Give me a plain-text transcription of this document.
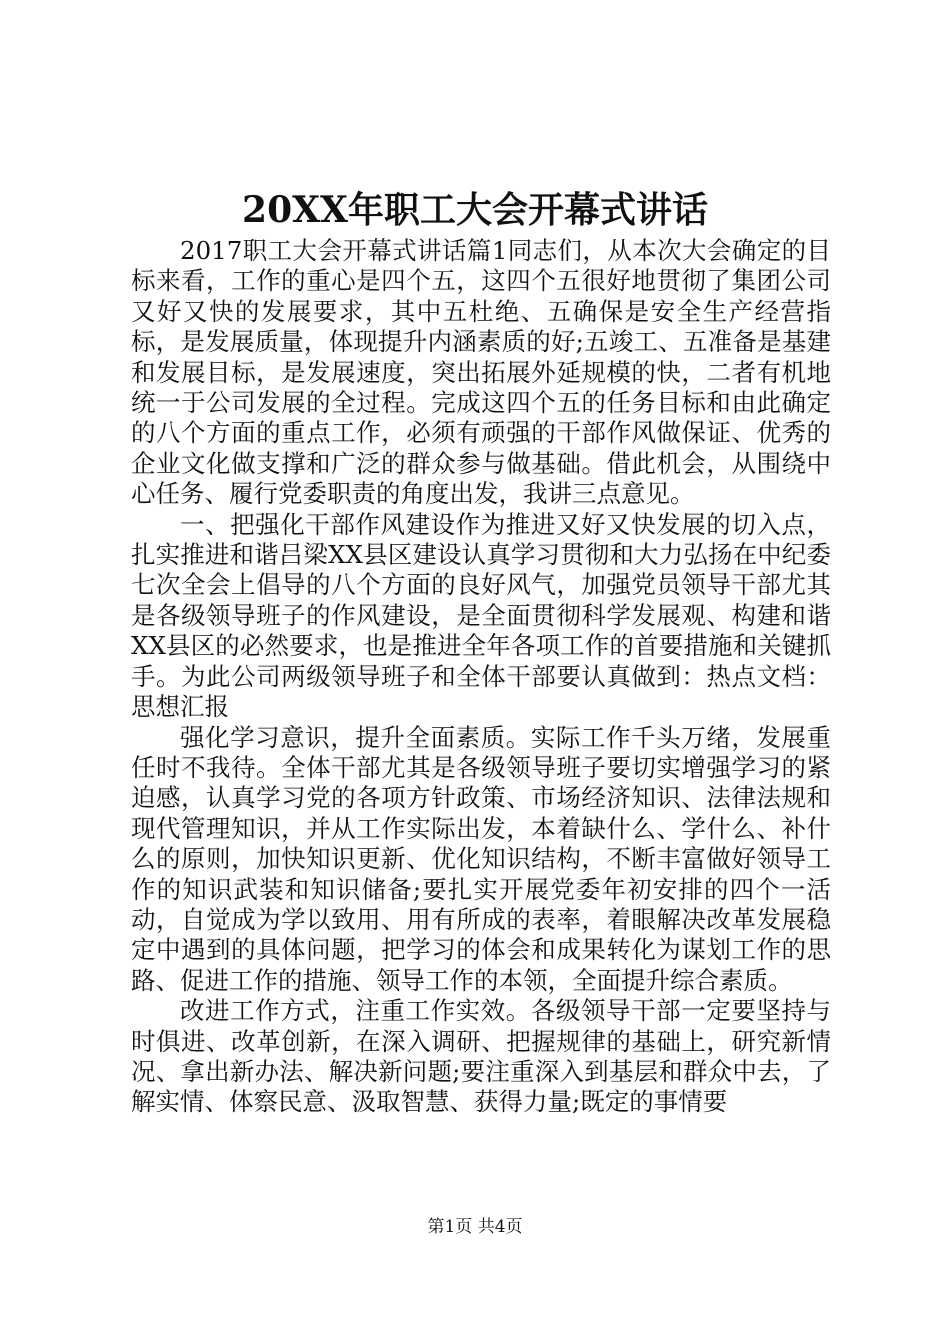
20XX年职工大会开幕式讲话

2017职工大会开幕式讲话篇1同志们，从本次大会确定的目标来看，工作的重心是四个五，这四个五很好地贯彻了集团公司又好又快的发展要求，其中五杜绝、五确保是安全生产经营指标，是发展质量，体现提升内涵素质的好;五竣工、五准备是基建和发展目标，是发展速度，突出拓展外延规模的快，二者有机地统一于公司发展的全过程。完成这四个五的任务目标和由此确定的八个方面的重点工作，必须有顽强的干部作风做保证、优秀的企业文化做支撑和广泛的群众参与做基础。借此机会，从围绕中心任务、履行党委职责的角度出发，我讲三点意见。

一、把强化干部作风建设作为推进又好又快发展的切入点，扎实推进和谐吕梁XX县区建设认真学习贯彻和大力弘扬在中纪委七次全会上倡导的八个方面的良好风气，加强党员领导干部尤其是各级领导班子的作风建设，是全面贯彻科学发展观、构建和谐XX县区的必然要求，也是推进全年各项工作的首要措施和关键抓手。为此公司两级领导班子和全体干部要认真做到：热点文档：思想汇报

强化学习意识，提升全面素质。实际工作千头万绪，发展重任时不我待。全体干部尤其是各级领导班子要切实增强学习的紧迫感，认真学习党的各项方针政策、市场经济知识、法律法规和现代管理知识，并从工作实际出发，本着缺什么、学什么、补什么的原则，加快知识更新、优化知识结构，不断丰富做好领导工作的知识武装和知识储备;要扎实开展党委年初安排的四个一活动，自觉成为学以致用、用有所成的表率，着眼解决改革发展稳定中遇到的具体问题，把学习的体会和成果转化为谋划工作的思路、促进工作的措施、领导工作的本领，全面提升综合素质。

改进工作方式，注重工作实效。各级领导干部一定要坚持与时俱进、改革创新，在深入调研、把握规律的基础上，研究新情况、拿出新办法、解决新问题;要注重深入到基层和群众中去，了解实情、体察民意、汲取智慧、获得力量;既定的事情要

第1页 共4页
